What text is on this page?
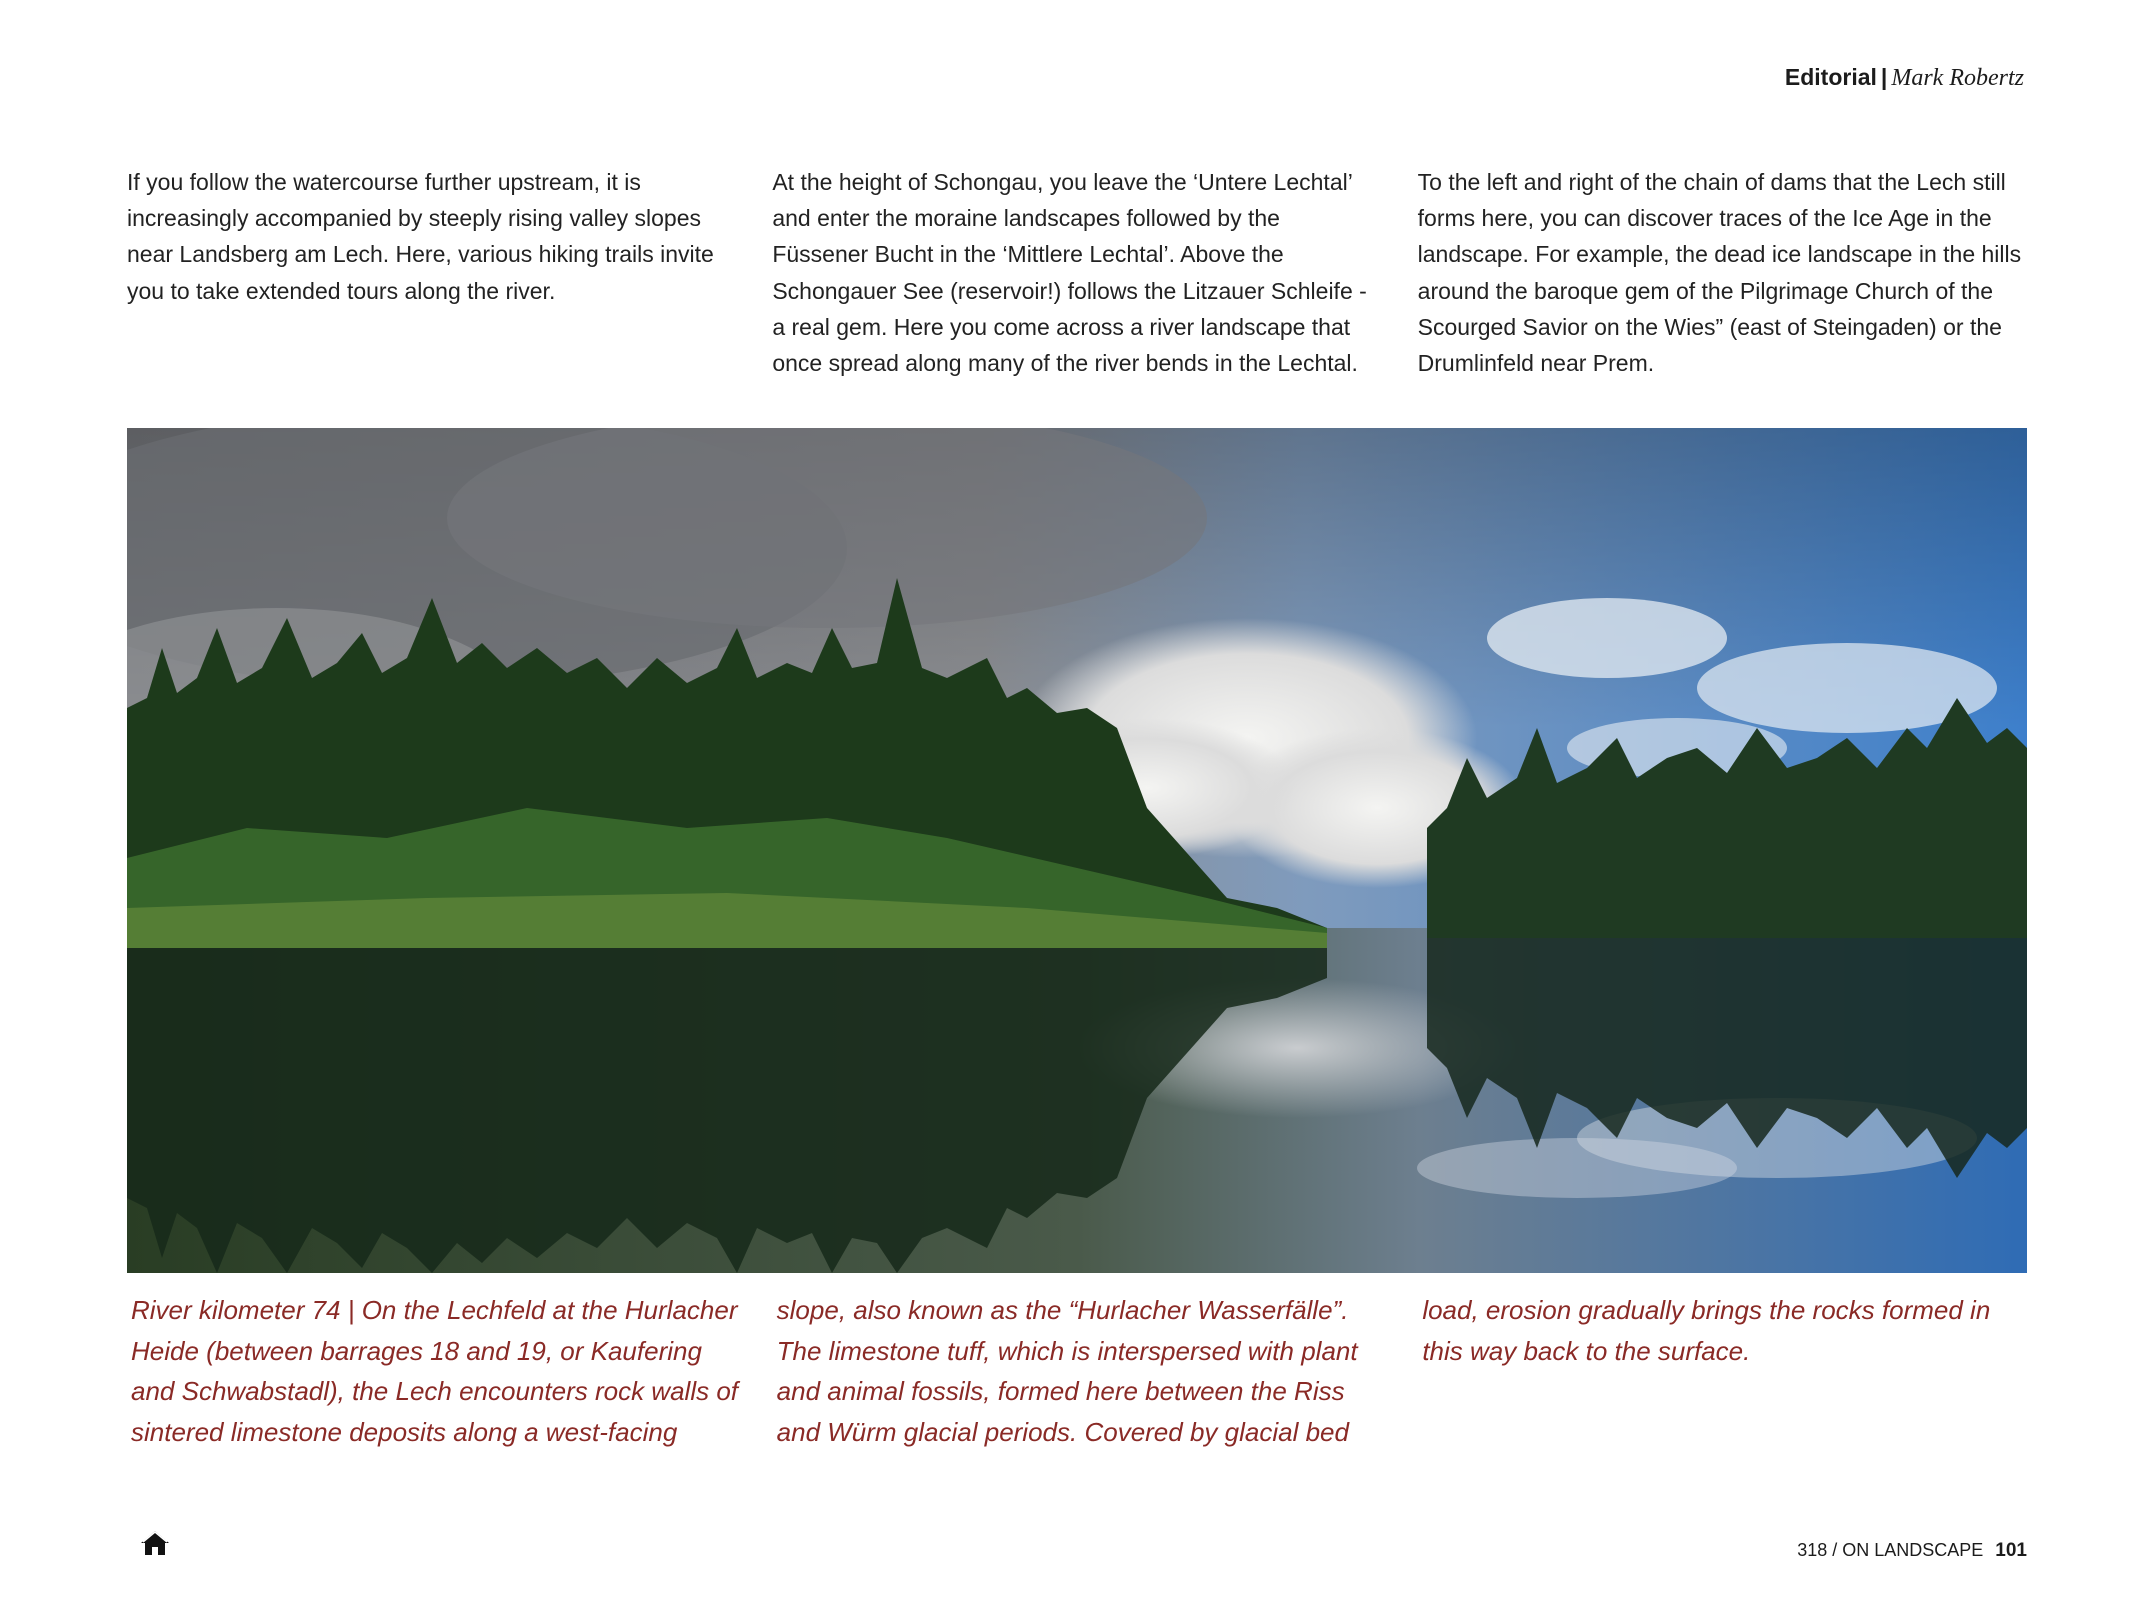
Editorial | Mark Robertz

If you follow the watercourse further upstream, it is increasingly accompanied by steeply rising valley slopes near Landsberg am Lech. Here, various hiking trails invite you to take extended tours along the river.

At the height of Schongau, you leave the ‘Untere Lechtal’ and enter the moraine landscapes followed by the Füssener Bucht in the ‘Mittlere Lechtal’. Above the Schongauer See (reservoir!) follows the Litzauer Schleife - a real gem. Here you come across a river landscape that once spread along many of the river bends in the Lechtal. To the left and right of the chain of dams that the Lech still forms here, you can discover traces of the Ice Age in the landscape. For example, the dead ice landscape in the hills around the baroque gem of the Pilgrimage Church of the Scourged Savior on the Wies” (east of Steingaden) or the Drumlinfeld near Prem.

River kilometer 74 | On the Lechfeld at the Hurlacher Heide (between barrages 18 and 19, or Kaufering and Schwabstadl), the Lech encounters rock walls of sintered limestone deposits along a west-facing slope, also known as the “Hurlacher Wasserfälle”. The limestone tuff, which is interspersed with plant and animal fossils, formed here between the Riss and Würm glacial periods. Covered by glacial bed load, erosion gradually brings the rocks formed in this way back to the surface.

318 / ON LANDSCAPE 101
